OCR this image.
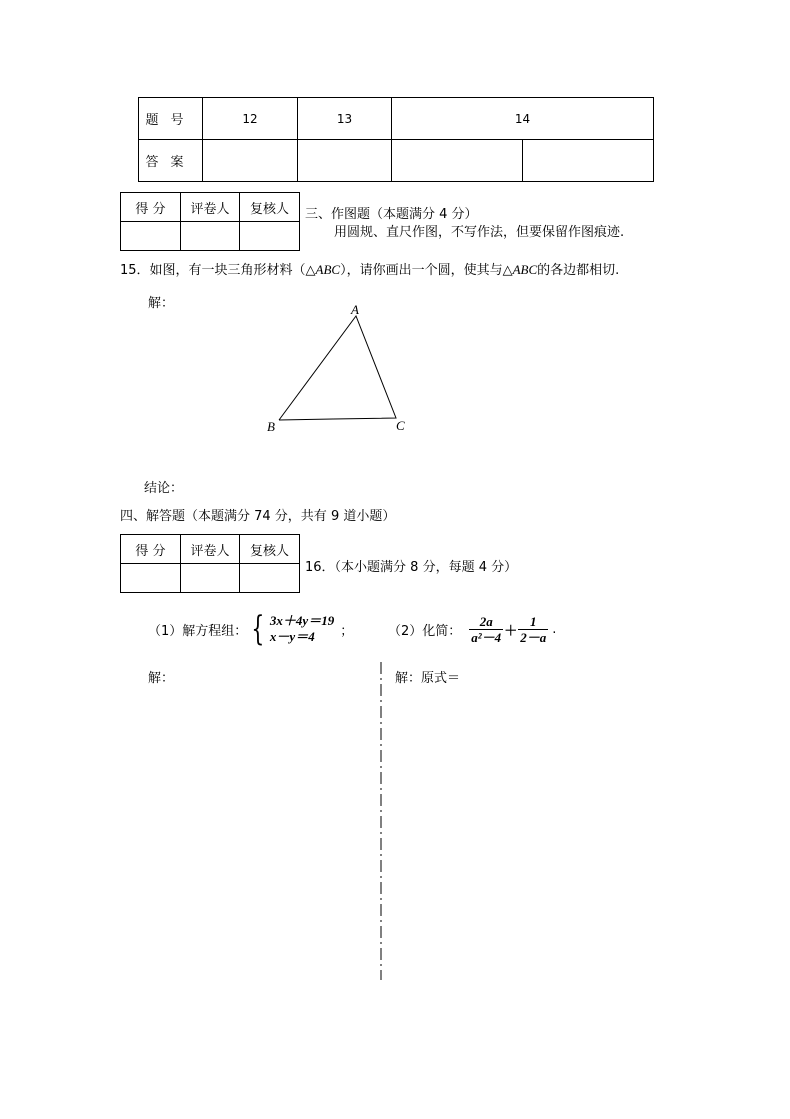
题号	12	13	14	
答案				
得 分	评卷人	复核人
		三、作图题（本题满分 4 分）
用圆规、直尺作图，不写作法，但要保留作图痕迹.
15．如图，有一块三角形材料（△ABC），请你画出一个圆，使其与△ABC的各边都相切.
解：	A
B	C
结论：
四、解答题（本题满分 74 分，共有 9 道小题）
得 分	评卷人	复核人

16．（本小题满分 8 分，每题 4 分）
（1）解方程组： { 3x＋4y＝19
x－y＝4	；	（2）化简： $\frac{2a}{\text{a²－4}} + \frac{1}{2-a}$ .
解：	解：原式＝
